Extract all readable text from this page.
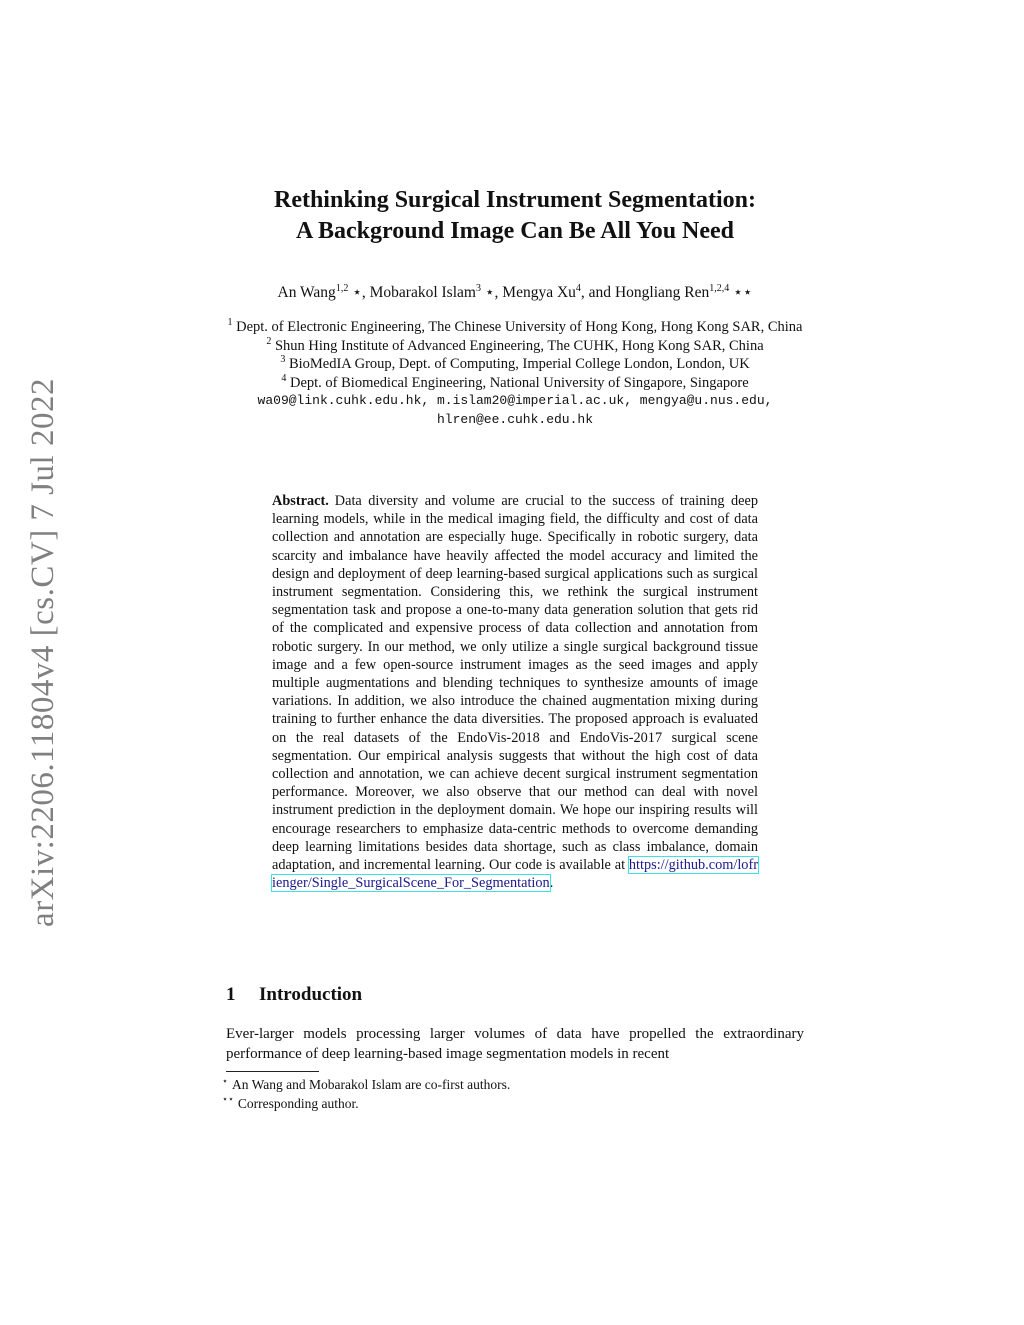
arXiv:2206.11804v4 [cs.CV] 7 Jul 2022
Rethinking Surgical Instrument Segmentation:
A Background Image Can Be All You Need
An Wang$^{1,2}$ ⋆, Mobarakol Islam$^3$ ⋆, Mengya Xu$^4$, and Hongliang Ren$^{1,2,4}$ ⋆⋆
$^1$ Dept. of Electronic Engineering, The Chinese University of Hong Kong, Hong Kong SAR, China
$^2$ Shun Hing Institute of Advanced Engineering, The CUHK, Hong Kong SAR, China
$^3$ BioMedIA Group, Dept. of Computing, Imperial College London, London, UK
$^4$ Dept. of Biomedical Engineering, National University of Singapore, Singapore
wa09@link.cuhk.edu.hk, m.islam20@imperial.ac.uk, mengya@u.nus.edu,
hlren@ee.cuhk.edu.hk
Abstract. Data diversity and volume are crucial to the success of training deep learning models, while in the medical imaging field, the difficulty and cost of data collection and annotation are especially huge. Specifically in robotic surgery, data scarcity and imbalance have heavily affected the model accuracy and limited the design and deployment of deep learning-based surgical applications such as surgical instrument segmentation. Considering this, we rethink the surgical instrument segmentation task and propose a one-to-many data generation solution that gets rid of the complicated and expensive process of data collection and annotation from robotic surgery. In our method, we only utilize a single surgical background tissue image and a few open-source instrument images as the seed images and apply multiple augmentations and blending techniques to synthesize amounts of image variations. In addition, we also introduce the chained augmentation mixing during training to further enhance the data diversities. The proposed approach is evaluated on the real datasets of the EndoVis-2018 and EndoVis-2017 surgical scene segmentation. Our empirical analysis suggests that without the high cost of data collection and annotation, we can achieve decent surgical instrument segmentation performance. Moreover, we also observe that our method can deal with novel instrument prediction in the deployment domain. We hope our inspiring results will encourage researchers to emphasize data-centric methods to overcome demanding deep learning limitations besides data shortage, such as class imbalance, domain adaptation, and incremental learning. Our code is available at https://github.com/lofrienger/Single_SurgicalScene_For_Segmentation.
1 Introduction
Ever-larger models processing larger volumes of data have propelled the extraordinary performance of deep learning-based image segmentation models in recent
⋆ An Wang and Mobarakol Islam are co-first authors.
⋆⋆ Corresponding author.
